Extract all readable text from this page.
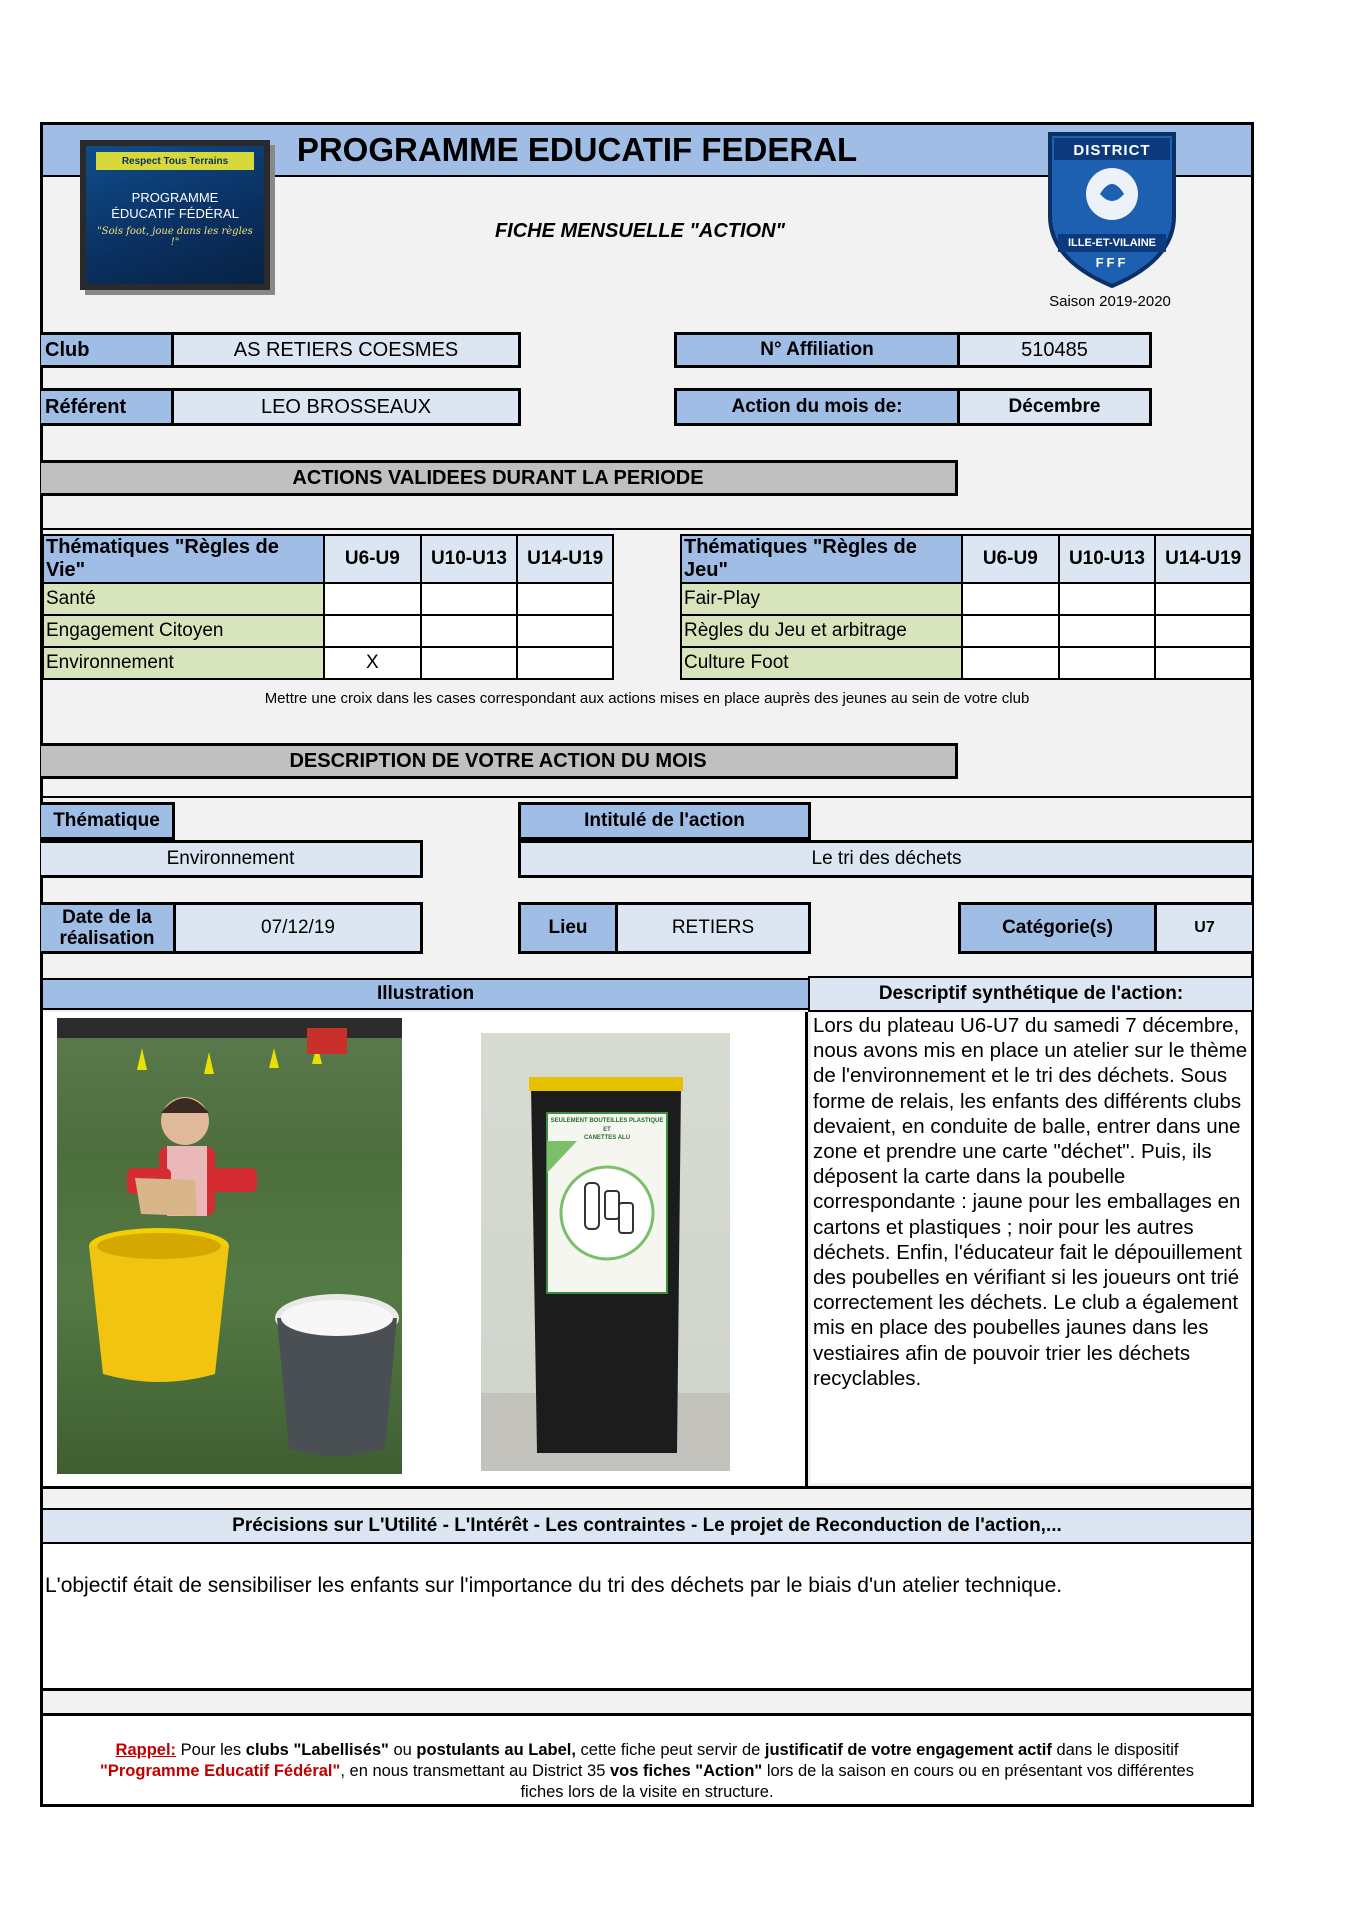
PROGRAMME EDUCATIF FEDERAL
Respect Tous Terrains
PROGRAMME
ÉDUCATIF FÉDÉRAL
"Sois foot, joue dans les règles !"
FICHE MENSUELLE "ACTION"
DISTRICT
ILLE-ET-VILAINE
FFF
Saison 2019-2020
Club	AS RETIERS COESMES	N° Affiliation	510485
Référent	LEO BROSSEAUX	Action du mois de:	Décembre
ACTIONS VALIDEES DURANT LA PERIODE
Thématiques "Règles de Vie"	U6-U9	U10-U13	U14-U19
Santé			
Engagement Citoyen			
Environnement	X		
Thématiques "Règles de Jeu"	U6-U9	U10-U13	U14-U19
Fair-Play			
Règles du Jeu et arbitrage			
Culture Foot			
Mettre une croix dans les cases correspondant aux actions mises en place auprès des jeunes au sein de votre club
DESCRIPTION DE VOTRE ACTION DU MOIS
Thématique
Environnement
Intitulé de l'action
Le tri des déchets
Date de la réalisation
07/12/19	Lieu	RETIERS	Catégorie(s)	U7
Illustration	Descriptif synthétique de l'action:
SEULEMENT BOUTEILLES PLASTIQUE
ET
CANETTES ALU
Lors du plateau U6-U7 du samedi 7 décembre, nous avons mis en place un atelier sur le thème de l'environnement et le tri des déchets. Sous forme de relais, les enfants des différents clubs devaient, en conduite de balle, entrer dans une zone et prendre une carte "déchet". Puis, ils déposent la carte dans la poubelle correspondante : jaune pour les emballages en cartons et plastiques ; noir pour les autres déchets. Enfin, l'éducateur fait le dépouillement des poubelles en vérifiant si les joueurs ont trié correctement les déchets. Le club a également mis en place des poubelles jaunes dans les vestiaires afin de pouvoir trier les déchets recyclables.
Précisions sur L'Utilité - L'Intérêt - Les contraintes - Le projet de Reconduction de l'action,...
L'objectif était de sensibiliser les enfants sur l'importance du tri des déchets par le biais d'un atelier technique.
Rappel: Pour les clubs "Labellisés" ou postulants au Label, cette fiche peut servir de justificatif de votre engagement actif dans le dispositif "Programme Educatif Fédéral", en nous transmettant au District 35 vos fiches "Action" lors de la saison en cours ou en présentant vos différentes fiches lors de la visite en structure.
